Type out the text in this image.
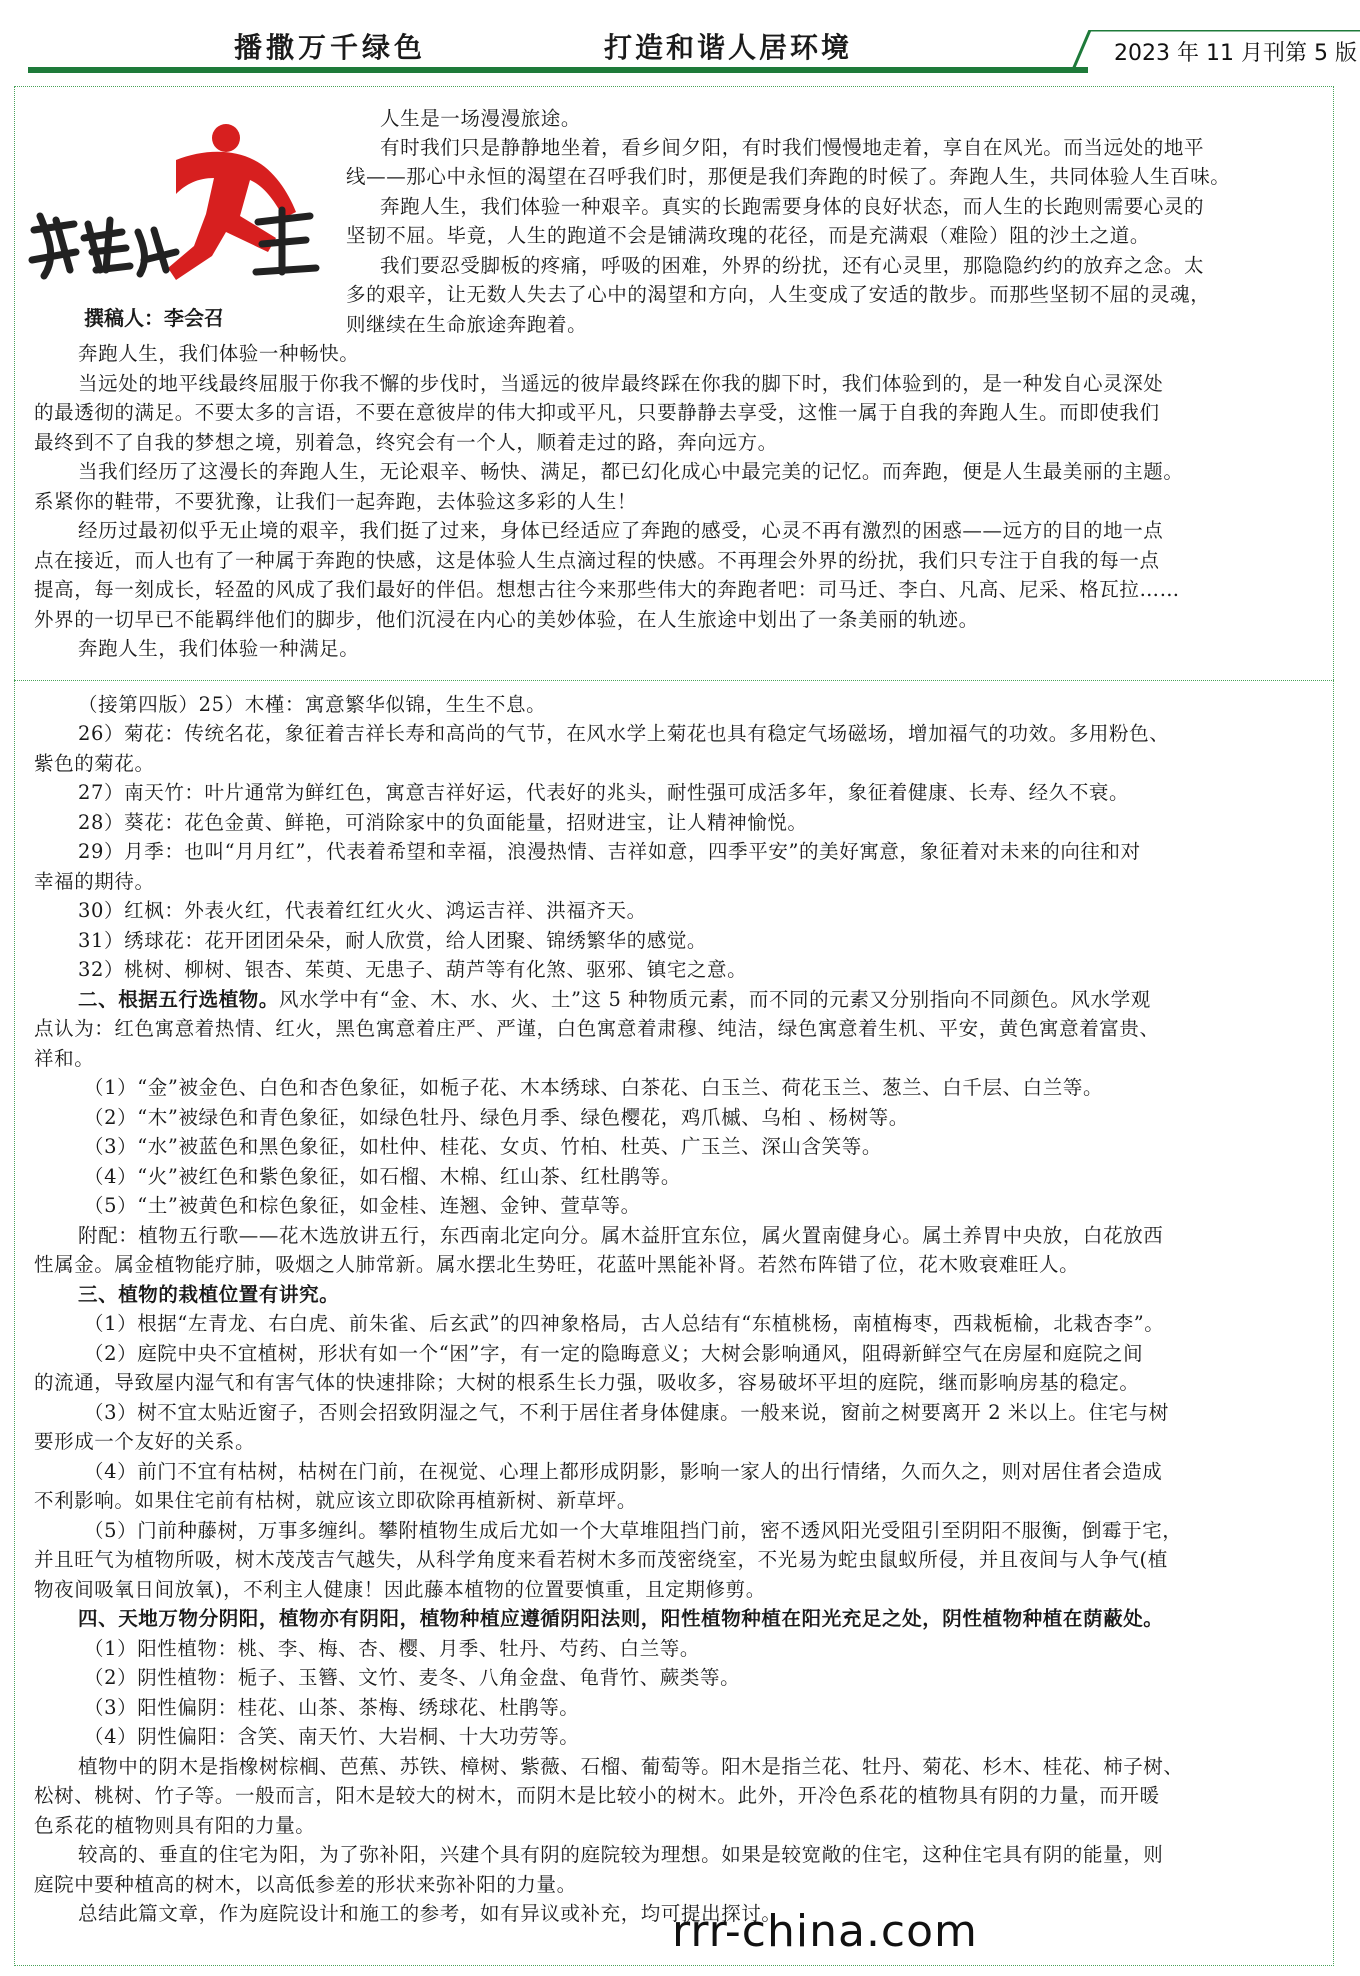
播撒万千绿色	打造和谐人居环境	2023 年 11 月刊第 5 版
撰稿人：李会召
人生是一场漫漫旅途。
有时我们只是静静地坐着，看乡间夕阳，有时我们慢慢地走着，享自在风光。而当远处的地平
线——那心中永恒的渴望在召呼我们时，那便是我们奔跑的时候了。奔跑人生，共同体验人生百味。
奔跑人生，我们体验一种艰辛。真实的长跑需要身体的良好状态，而人生的长跑则需要心灵的
坚韧不屈。毕竟，人生的跑道不会是铺满玫瑰的花径，而是充满艰（难险）阻的沙土之道。
我们要忍受脚板的疼痛，呼吸的困难，外界的纷扰，还有心灵里，那隐隐约约的放弃之念。太
多的艰辛，让无数人失去了心中的渴望和方向，人生变成了安适的散步。而那些坚韧不屈的灵魂，
则继续在生命旅途奔跑着。
奔跑人生，我们体验一种畅快。
当远处的地平线最终屈服于你我不懈的步伐时，当遥远的彼岸最终踩在你我的脚下时，我们体验到的，是一种发自心灵深处
的最透彻的满足。不要太多的言语，不要在意彼岸的伟大抑或平凡，只要静静去享受，这惟一属于自我的奔跑人生。而即使我们
最终到不了自我的梦想之境，别着急，终究会有一个人，顺着走过的路，奔向远方。
当我们经历了这漫长的奔跑人生，无论艰辛、畅快、满足，都已幻化成心中最完美的记忆。而奔跑，便是人生最美丽的主题。
系紧你的鞋带，不要犹豫，让我们一起奔跑，去体验这多彩的人生！
经历过最初似乎无止境的艰辛，我们挺了过来，身体已经适应了奔跑的感受，心灵不再有激烈的困惑——远方的目的地一点
点在接近，而人也有了一种属于奔跑的快感，这是体验人生点滴过程的快感。不再理会外界的纷扰，我们只专注于自我的每一点
提高，每一刻成长，轻盈的风成了我们最好的伴侣。想想古往今来那些伟大的奔跑者吧：司马迁、李白、凡高、尼采、格瓦拉……
外界的一切早已不能羁绊他们的脚步，他们沉浸在内心的美妙体验，在人生旅途中划出了一条美丽的轨迹。
奔跑人生，我们体验一种满足。
（接第四版）25）木槿：寓意繁华似锦，生生不息。
26）菊花：传统名花，象征着吉祥长寿和高尚的气节，在风水学上菊花也具有稳定气场磁场，增加福气的功效。多用粉色、
紫色的菊花。
27）南天竹：叶片通常为鲜红色，寓意吉祥好运，代表好的兆头，耐性强可成活多年，象征着健康、长寿、经久不衰。
28）葵花：花色金黄、鲜艳，可消除家中的负面能量，招财进宝，让人精神愉悦。
29）月季：也叫“月月红”，代表着希望和幸福，浪漫热情、吉祥如意，四季平安”的美好寓意，象征着对未来的向往和对
幸福的期待。
30）红枫：外表火红，代表着红红火火、鸿运吉祥、洪福齐天。
31）绣球花：花开团团朵朵，耐人欣赏，给人团聚、锦绣繁华的感觉。
32）桃树、柳树、银杏、茱萸、无患子、葫芦等有化煞、驱邪、镇宅之意。
二、根据五行选植物。风水学中有“金、木、水、火、土”这 5 种物质元素，而不同的元素又分别指向不同颜色。风水学观
点认为：红色寓意着热情、红火，黑色寓意着庄严、严谨，白色寓意着肃穆、纯洁，绿色寓意着生机、平安，黄色寓意着富贵、
祥和。
（1）“金”被金色、白色和杏色象征，如栀子花、木本绣球、白茶花、白玉兰、荷花玉兰、葱兰、白千层、白兰等。
（2）“木”被绿色和青色象征，如绿色牡丹、绿色月季、绿色樱花，鸡爪槭、乌桕 、杨树等。
（3）“水”被蓝色和黑色象征，如杜仲、桂花、女贞、竹柏、杜英、广玉兰、深山含笑等。
（4）“火”被红色和紫色象征，如石榴、木棉、红山茶、红杜鹃等。
（5）“土”被黄色和棕色象征，如金桂、连翘、金钟、萱草等。
附配：植物五行歌——花木选放讲五行，东西南北定向分。属木益肝宜东位，属火置南健身心。属土养胃中央放，白花放西
性属金。属金植物能疗肺，吸烟之人肺常新。属水摆北生势旺，花蓝叶黑能补肾。若然布阵错了位，花木败衰难旺人。
三、植物的栽植位置有讲究。
（1）根据“左青龙、右白虎、前朱雀、后玄武”的四神象格局，古人总结有“东植桃杨，南植梅枣，西栽栀榆，北栽杏李”。
（2）庭院中央不宜植树，形状有如一个“困”字，有一定的隐晦意义；大树会影响通风，阻碍新鲜空气在房屋和庭院之间
的流通，导致屋内湿气和有害气体的快速排除；大树的根系生长力强，吸收多，容易破坏平坦的庭院，继而影响房基的稳定。
（3）树不宜太贴近窗子，否则会招致阴湿之气，不利于居住者身体健康。一般来说，窗前之树要离开 2 米以上。住宅与树
要形成一个友好的关系。
（4）前门不宜有枯树，枯树在门前，在视觉、心理上都形成阴影，影响一家人的出行情绪，久而久之，则对居住者会造成
不利影响。如果住宅前有枯树，就应该立即砍除再植新树、新草坪。
（5）门前种藤树，万事多缠纠。攀附植物生成后尤如一个大草堆阻挡门前，密不透风阳光受阻引至阴阳不服衡，倒霉于宅，
并且旺气为植物所吸，树木茂茂吉气越失，从科学角度来看若树木多而茂密绕室，不光易为蛇虫鼠蚁所侵，并且夜间与人争气(植
物夜间吸氧日间放氧)，不利主人健康！因此藤本植物的位置要慎重，且定期修剪。
四、天地万物分阴阳，植物亦有阴阳，植物种植应遵循阴阳法则，阳性植物种植在阳光充足之处，阴性植物种植在荫蔽处。
（1）阳性植物：桃、李、梅、杏、樱、月季、牡丹、芍药、白兰等。
（2）阴性植物：栀子、玉簪、文竹、麦冬、八角金盘、龟背竹、蕨类等。
（3）阳性偏阴：桂花、山茶、茶梅、绣球花、杜鹃等。
（4）阴性偏阳：含笑、南天竹、大岩桐、十大功劳等。
植物中的阴木是指橡树棕榈、芭蕉、苏铁、樟树、紫薇、石榴、葡萄等。阳木是指兰花、牡丹、菊花、杉木、桂花、柿子树、
松树、桃树、竹子等。一般而言，阳木是较大的树木，而阴木是比较小的树木。此外，开冷色系花的植物具有阴的力量，而开暖
色系花的植物则具有阳的力量。
较高的、垂直的住宅为阳，为了弥补阳，兴建个具有阴的庭院较为理想。如果是较宽敞的住宅，这种住宅具有阴的能量，则
庭院中要种植高的树木，以高低参差的形状来弥补阳的力量。
总结此篇文章，作为庭院设计和施工的参考，如有异议或补充，均可提出探讨。
rrr-china.com
